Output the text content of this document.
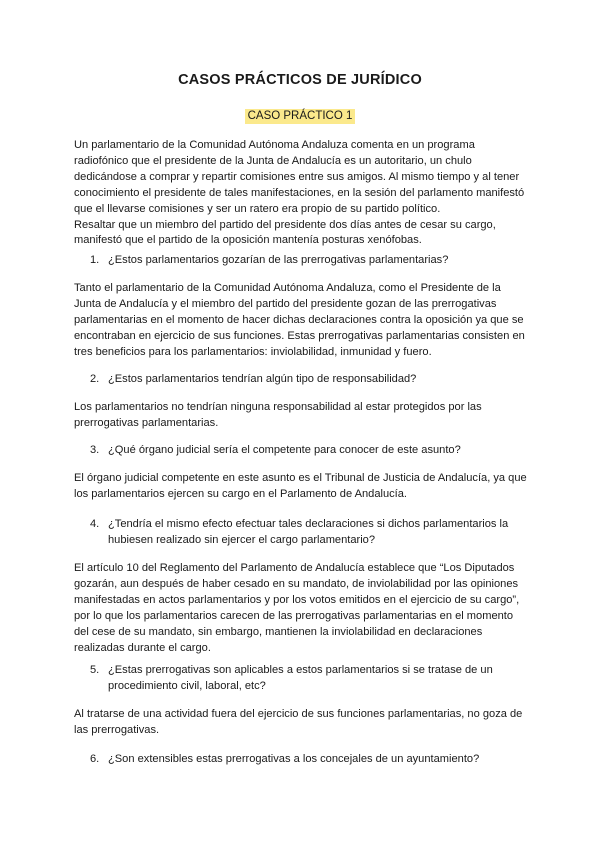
CASOS PRÁCTICOS DE JURÍDICO
CASO PRÁCTICO 1

Un parlamentario de la Comunidad Autónoma Andaluza comenta en un programa
radiofónico que el presidente de la Junta de Andalucía es un autoritario, un chulo
dedicándose a comprar y repartir comisiones entre sus amigos. Al mismo tiempo y al tener
conocimiento el presidente de tales manifestaciones, en la sesión del parlamento manifestó
que el llevarse comisiones y ser un ratero era propio de su partido político.
Resaltar que un miembro del partido del presidente dos días antes de cesar su cargo,
manifestó que el partido de la oposición mantenía posturas xenófobas.

1. ¿Estos parlamentarios gozarían de las prerrogativas parlamentarias?

Tanto el parlamentario de la Comunidad Autónoma Andaluza, como el Presidente de la
Junta de Andalucía y el miembro del partido del presidente gozan de las prerrogativas
parlamentarias en el momento de hacer dichas declaraciones contra la oposición ya que se
encontraban en ejercicio de sus funciones. Estas prerrogativas parlamentarias consisten en
tres beneficios para los parlamentarios: inviolabilidad, inmunidad y fuero.

2. ¿Estos parlamentarios tendrían algún tipo de responsabilidad?

Los parlamentarios no tendrían ninguna responsabilidad al estar protegidos por las
prerrogativas parlamentarias.

3. ¿Qué órgano judicial sería el competente para conocer de este asunto?

El órgano judicial competente en este asunto es el Tribunal de Justicia de Andalucía, ya que
los parlamentarios ejercen su cargo en el Parlamento de Andalucía.

4. ¿Tendría el mismo efecto efectuar tales declaraciones si dichos parlamentarios la
hubiesen realizado sin ejercer el cargo parlamentario?

El artículo 10 del Reglamento del Parlamento de Andalucía establece que “Los Diputados
gozarán, aun después de haber cesado en su mandato, de inviolabilidad por las opiniones
manifestadas en actos parlamentarios y por los votos emitidos en el ejercicio de su cargo”,
por lo que los parlamentarios carecen de las prerrogativas parlamentarias en el momento
del cese de su mandato, sin embargo, mantienen la inviolabilidad en declaraciones
realizadas durante el cargo.

5. ¿Estas prerrogativas son aplicables a estos parlamentarios si se tratase de un
procedimiento civil, laboral, etc?

Al tratarse de una actividad fuera del ejercicio de sus funciones parlamentarias, no goza de
las prerrogativas.

6. ¿Son extensibles estas prerrogativas a los concejales de un ayuntamiento?
